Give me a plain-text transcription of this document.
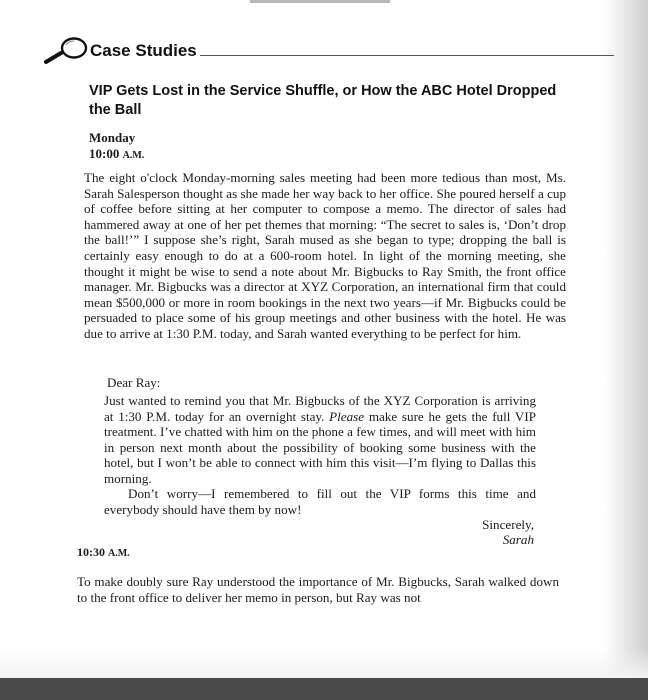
Case Studies
VIP Gets Lost in the Service Shuffle, or How the ABC Hotel Dropped the Ball
Monday
10:00 A.M.

The eight o'clock Monday-morning sales meeting had been more tedious than most, Ms. Sarah Salesperson thought as she made her way back to her office. She poured herself a cup of coffee before sitting at her computer to compose a memo. The director of sales had hammered away at one of her pet themes that morning: “The secret to sales is, ‘Don’t drop the ball!’” I suppose she’s right, Sarah mused as she began to type; dropping the ball is certainly easy enough to do at a 600-room hotel. In light of the morning meeting, she thought it might be wise to send a note about Mr. Bigbucks to Ray Smith, the front office manager. Mr. Bigbucks was a director at XYZ Corporation, an international firm that could mean $500,000 or more in room bookings in the next two years—if Mr. Bigbucks could be persuaded to place some of his group meetings and other business with the hotel. He was due to arrive at 1:30 P.M. today, and Sarah wanted everything to be perfect for him.

Dear Ray:

Just wanted to remind you that Mr. Bigbucks of the XYZ Corporation is arriving at 1:30 P.M. today for an overnight stay. Please make sure he gets the full VIP treatment. I’ve chatted with him on the phone a few times, and will meet with him in person next month about the possibility of booking some business with the hotel, but I won’t be able to connect with him this visit—I’m flying to Dallas this morning.

Don’t worry—I remembered to fill out the VIP forms this time and everybody should have them by now!

Sincerely,
Sarah
10:30 A.M.

To make doubly sure Ray understood the importance of Mr. Bigbucks, Sarah walked down to the front office to deliver her memo in person, but Ray was not
